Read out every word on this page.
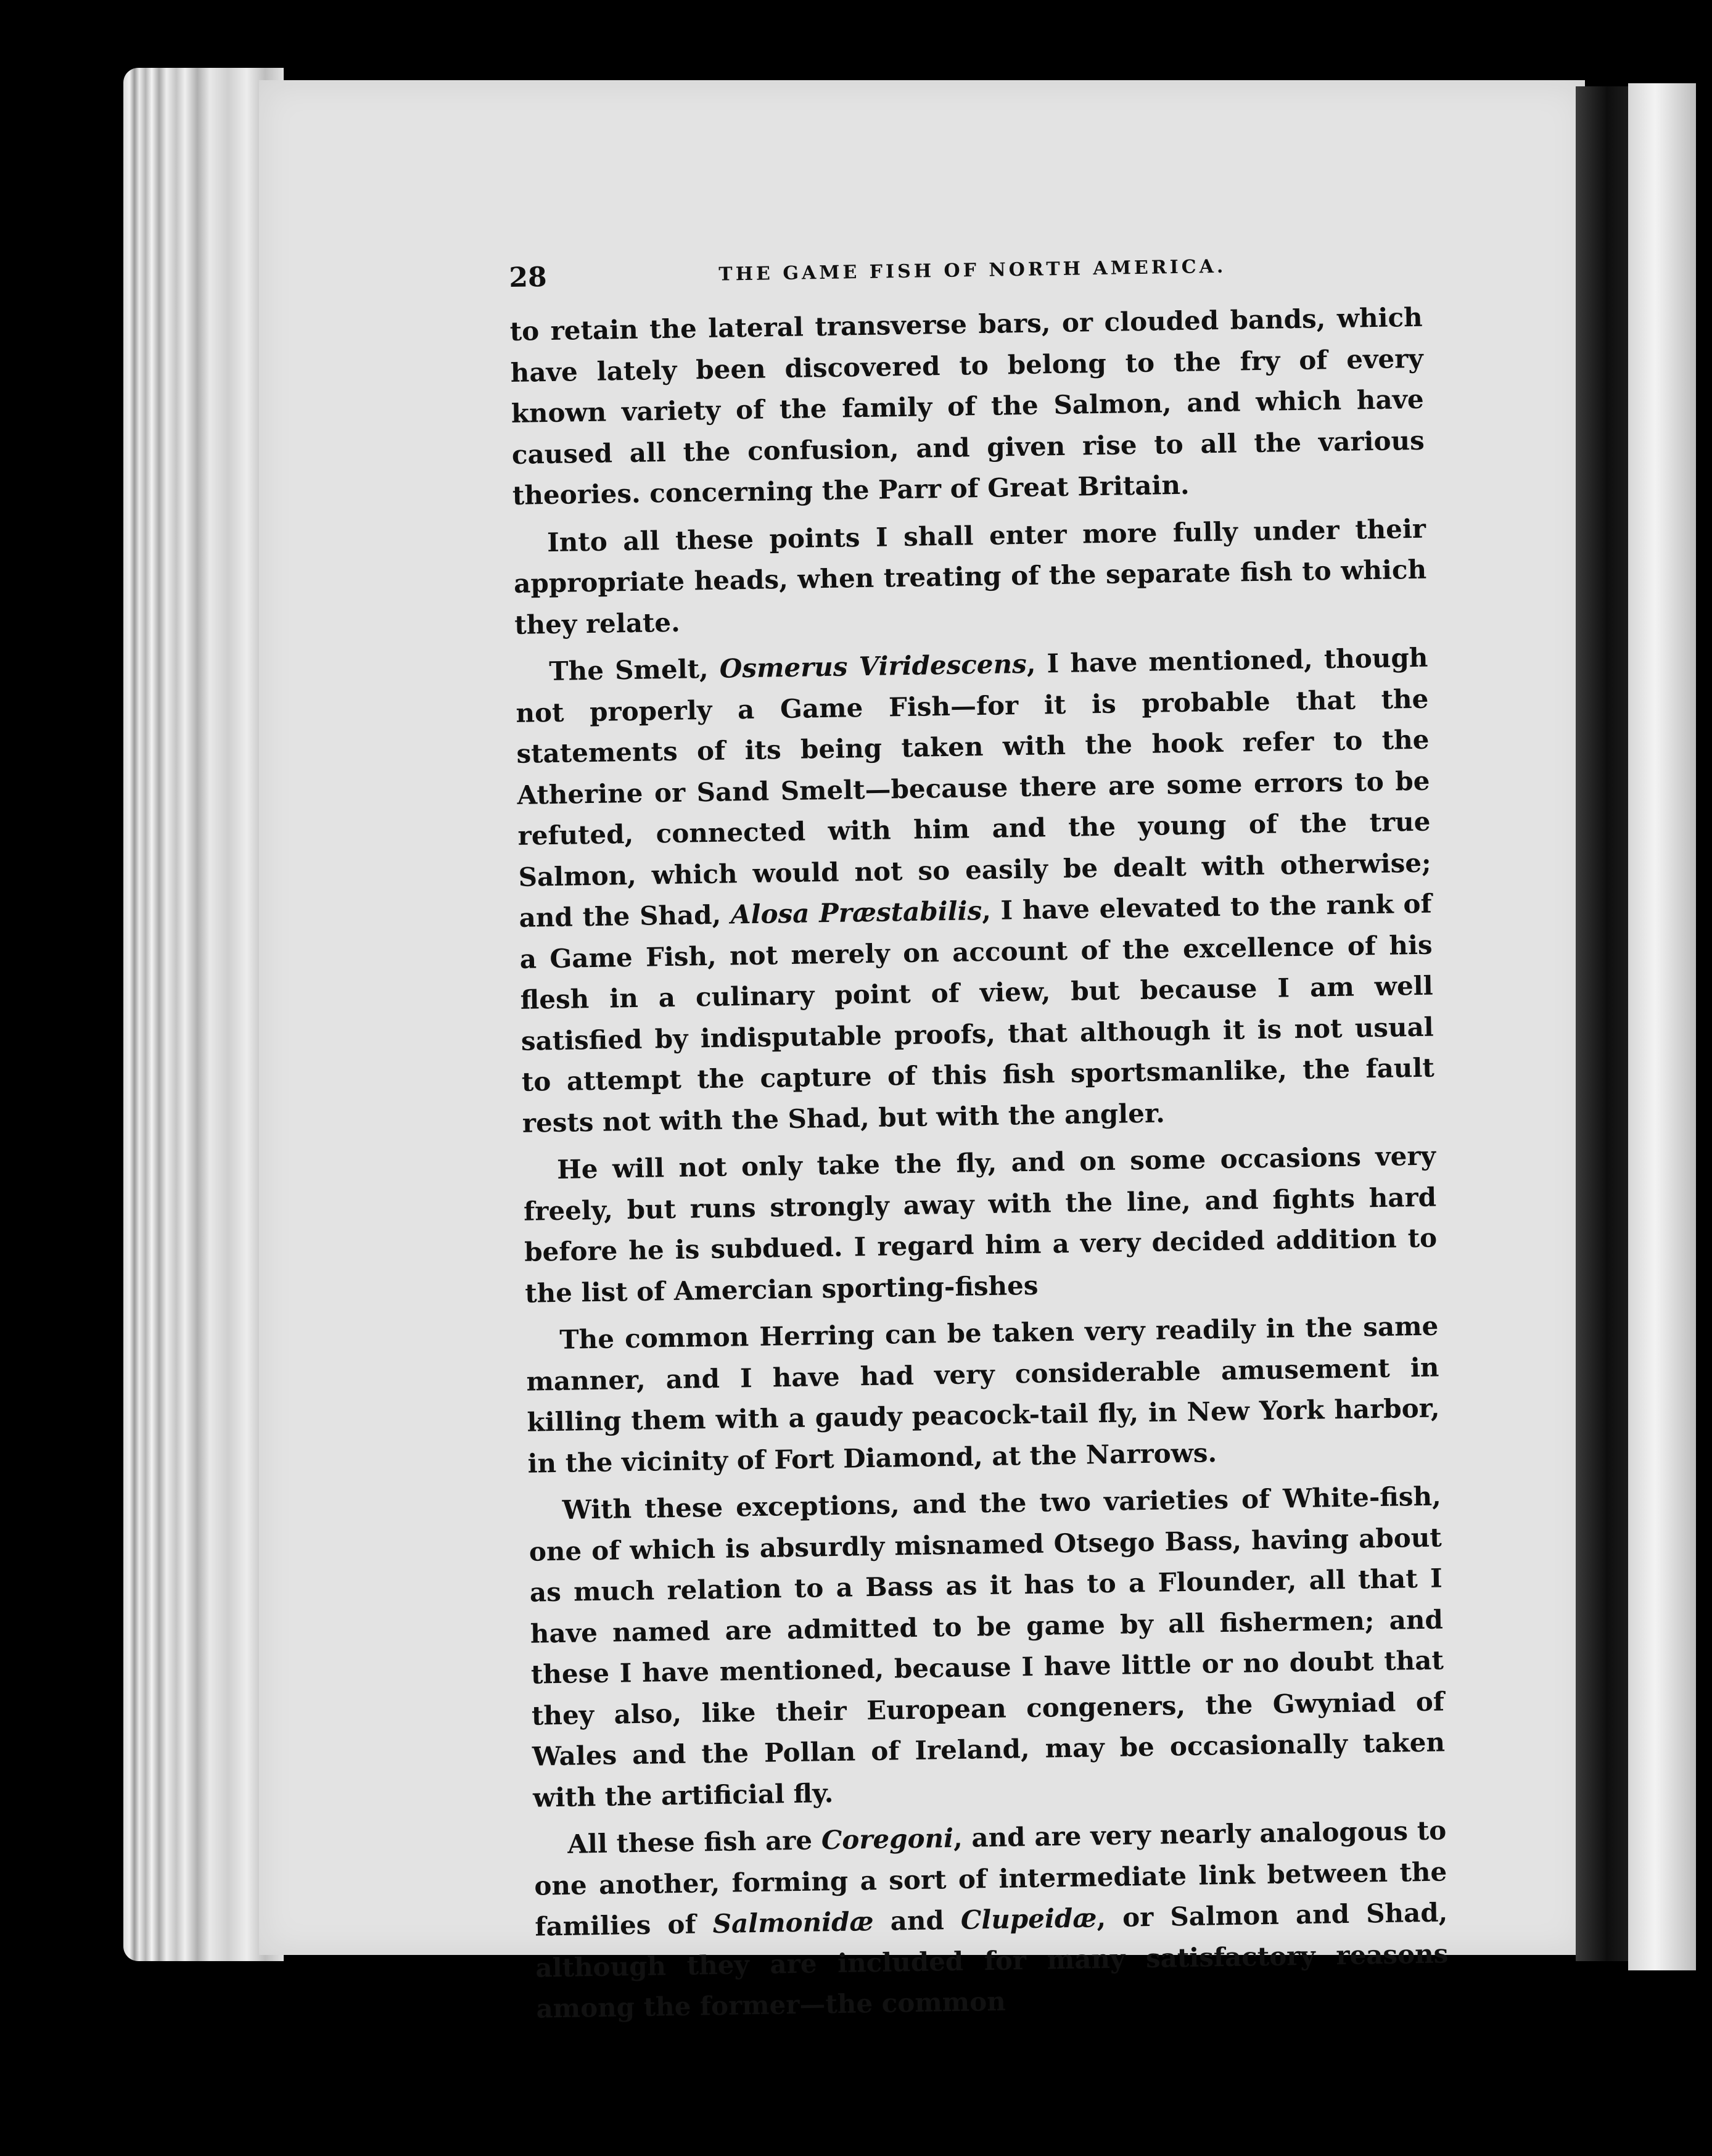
28	THE GAME FISH OF NORTH AMERICA.

to retain the lateral transverse bars, or clouded bands, which have lately been discovered to belong to the fry of every known variety of the family of the Salmon, and which have caused all the confusion, and given rise to all the various theories. concerning the Parr of Great Britain.

Into all these points I shall enter more fully under their appropriate heads, when treating of the separate fish to which they relate.

The Smelt, Osmerus Viridescens, I have mentioned, though not properly a Game Fish—for it is probable that the statements of its being taken with the hook refer to the Atherine or Sand Smelt—because there are some errors to be refuted, connected with him and the young of the true Salmon, which would not so easily be dealt with otherwise; and the Shad, Alosa Præstabilis, I have elevated to the rank of a Game Fish, not merely on account of the excellence of his flesh in a culinary point of view, but because I am well satisfied by indisputable proofs, that although it is not usual to attempt the capture of this fish sportsmanlike, the fault rests not with the Shad, but with the angler.

He will not only take the fly, and on some occasions very freely, but runs strongly away with the line, and fights hard before he is subdued. I regard him a very decided addition to the list of Amercian sporting-fishes

The common Herring can be taken very readily in the same manner, and I have had very considerable amusement in killing them with a gaudy peacock-tail fly, in New York harbor, in the vicinity of Fort Diamond, at the Narrows.

With these exceptions, and the two varieties of White-fish, one of which is absurdly misnamed Otsego Bass, having about as much relation to a Bass as it has to a Flounder, all that I have named are admitted to be game by all fishermen; and these I have mentioned, because I have little or no doubt that they also, like their European congeners, the Gwyniad of Wales and the Pollan of Ireland, may be occasionally taken with the artificial fly.

All these fish are Coregoni, and are very nearly analogous to one another, forming a sort of intermediate link between the families of Salmonidæ and Clupeidæ, or Salmon and Shad, although they are included for many satisfactory reasons among the former—the common
